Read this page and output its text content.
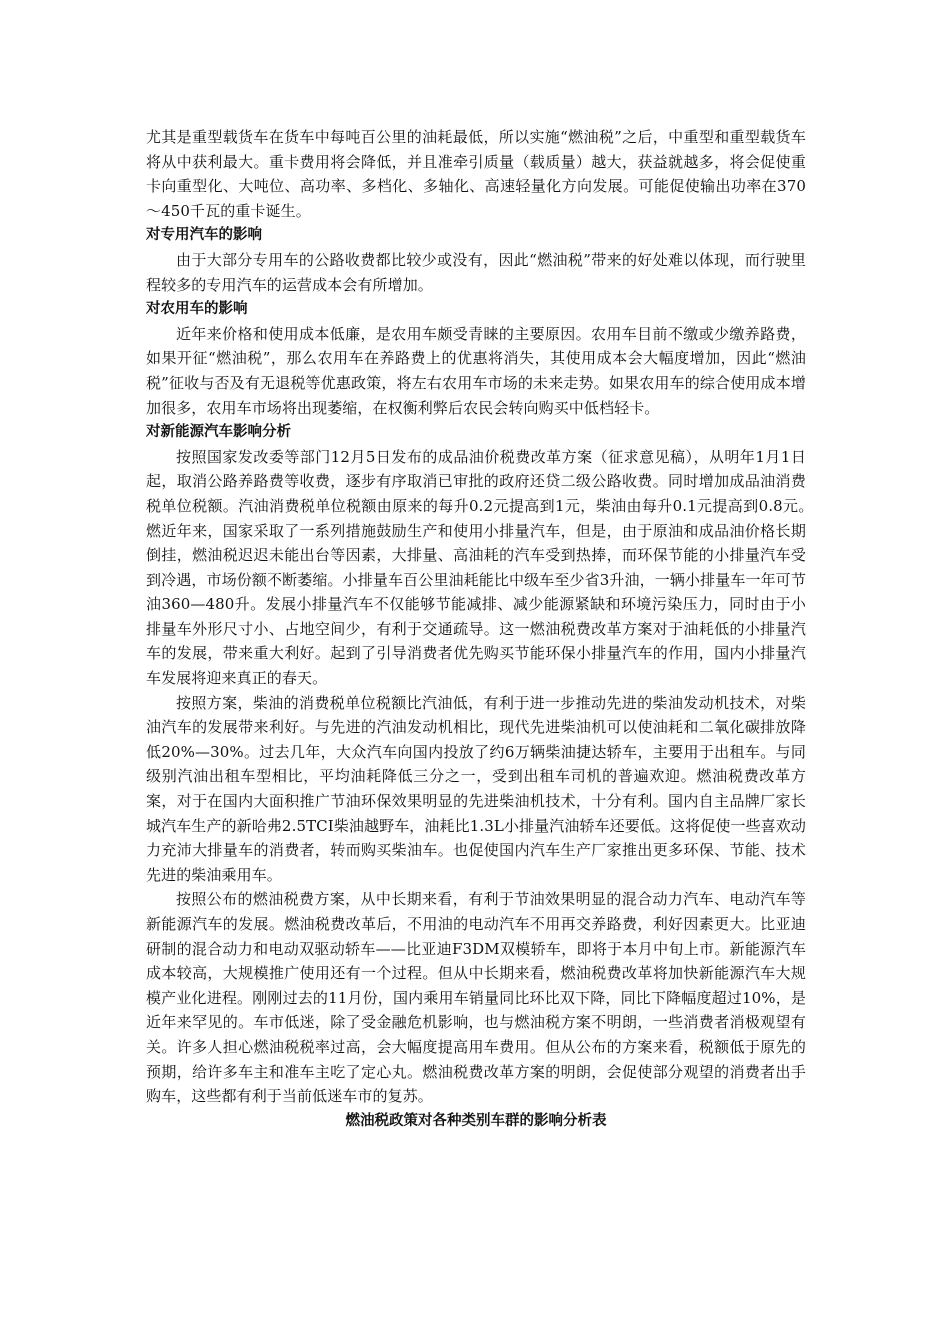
尤其是重型载货车在货车中每吨百公里的油耗最低，所以实施“燃油税”之后，中重型和重型载货车将从中获利最大。重卡费用将会降低，并且准牵引质量（载质量）越大，获益就越多，将会促使重卡向重型化、大吨位、高功率、多档化、多轴化、高速轻量化方向发展。可能促使输出功率在370～450千瓦的重卡诞生。

对专用汽车的影响

由于大部分专用车的公路收费都比较少或没有，因此“燃油税”带来的好处难以体现，而行驶里程较多的专用汽车的运营成本会有所增加。

对农用车的影响

近年来价格和使用成本低廉，是农用车颇受青睐的主要原因。农用车目前不缴或少缴养路费，如果开征“燃油税”，那么农用车在养路费上的优惠将消失，其使用成本会大幅度增加，因此“燃油税”征收与否及有无退税等优惠政策，将左右农用车市场的未来走势。如果农用车的综合使用成本增加很多，农用车市场将出现萎缩，在权衡利弊后农民会转向购买中低档轻卡。

对新能源汽车影响分析

按照国家发改委等部门12月5日发布的成品油价税费改革方案（征求意见稿），从明年1月1日起，取消公路养路费等收费，逐步有序取消已审批的政府还贷二级公路收费。同时增加成品油消费税单位税额。汽油消费税单位税额由原来的每升0.2元提高到1元，柴油由每升0.1元提高到0.8元。　燃近年来，国家采取了一系列措施鼓励生产和使用小排量汽车，但是，由于原油和成品油价格长期倒挂，燃油税迟迟未能出台等因素，大排量、高油耗的汽车受到热捧，而环保节能的小排量汽车受到冷遇，市场份额不断萎缩。小排量车百公里油耗能比中级车至少省3升油，一辆小排量车一年可节油360—480升。发展小排量汽车不仅能够节能减排、减少能源紧缺和环境污染压力，同时由于小排量车外形尺寸小、占地空间少，有利于交通疏导。这一燃油税费改革方案对于油耗低的小排量汽车的发展，带来重大利好。起到了引导消费者优先购买节能环保小排量汽车的作用，国内小排量汽车发展将迎来真正的春天。

按照方案，柴油的消费税单位税额比汽油低，有利于进一步推动先进的柴油发动机技术，对柴油汽车的发展带来利好。与先进的汽油发动机相比，现代先进柴油机可以使油耗和二氧化碳排放降低20%—30%。过去几年，大众汽车向国内投放了约6万辆柴油捷达轿车，主要用于出租车。与同级别汽油出租车型相比，平均油耗降低三分之一，受到出租车司机的普遍欢迎。燃油税费改革方案，对于在国内大面积推广节油环保效果明显的先进柴油机技术，十分有利。国内自主品牌厂家长城汽车生产的新哈弗2.5TCI柴油越野车，油耗比1.3L小排量汽油轿车还要低。这将促使一些喜欢动力充沛大排量车的消费者，转而购买柴油车。也促使国内汽车生产厂家推出更多环保、节能、技术先进的柴油乘用车。

按照公布的燃油税费方案，从中长期来看，有利于节油效果明显的混合动力汽车、电动汽车等新能源汽车的发展。燃油税费改革后，不用油的电动汽车不用再交养路费，利好因素更大。比亚迪研制的混合动力和电动双驱动轿车——比亚迪F3DM双模轿车，即将于本月中旬上市。新能源汽车成本较高，大规模推广使用还有一个过程。但从中长期来看，燃油税费改革将加快新能源汽车大规模产业化进程。刚刚过去的11月份，国内乘用车销量同比环比双下降，同比下降幅度超过10%，是近年来罕见的。车市低迷，除了受金融危机影响，也与燃油税方案不明朗，一些消费者消极观望有关。许多人担心燃油税税率过高，会大幅度提高用车费用。但从公布的方案来看，税额低于原先的预期，给许多车主和准车主吃了定心丸。燃油税费改革方案的明朗，会促使部分观望的消费者出手购车，这些都有利于当前低迷车市的复苏。

燃油税政策对各种类别车群的影响分析表
